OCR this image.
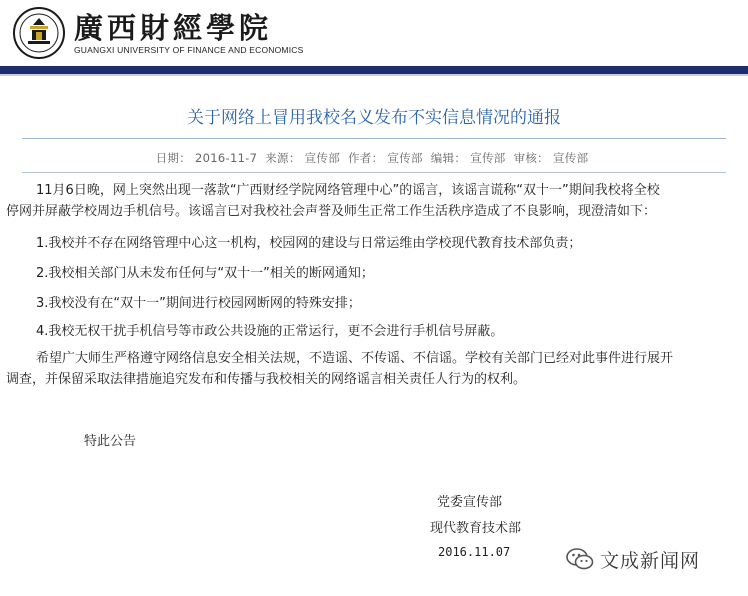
廣西財經學院
GUANGXI UNIVERSITY OF FINANCE AND ECONOMICS
关于网络上冒用我校名义发布不实信息情况的通报
日期： 2016-11-7 来源： 宣传部 作者： 宣传部 编辑： 宣传部 审核： 宣传部
11月6日晚，网上突然出现一落款“广西财经学院网络管理中心”的谣言，该谣言谎称“双十一”期间我校将全校
停网并屏蔽学校周边手机信号。该谣言已对我校社会声誉及师生正常工作生活秩序造成了不良影响，现澄清如下：
1.我校并不存在网络管理中心这一机构，校园网的建设与日常运维由学校现代教育技术部负责；
2.我校相关部门从未发布任何与“双十一”相关的断网通知；
3.我校没有在“双十一”期间进行校园网断网的特殊安排；
4.我校无权干扰手机信号等市政公共设施的正常运行，更不会进行手机信号屏蔽。
希望广大师生严格遵守网络信息安全相关法规，不造谣、不传谣、不信谣。学校有关部门已经对此事件进行展开
调查，并保留采取法律措施追究发布和传播与我校相关的网络谣言相关责任人行为的权利。
特此公告
党委宣传部
现代教育技术部
2016.11.07	文成新闻网
